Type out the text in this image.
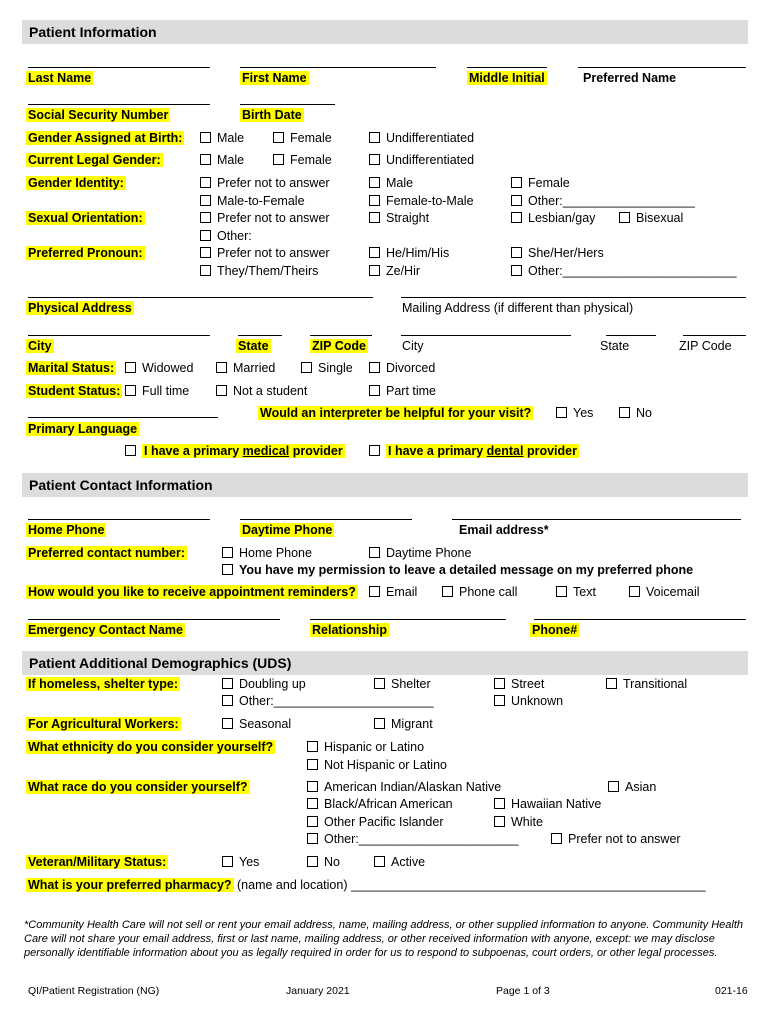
Patient Information
Last Name	First Name	Middle Initial	Preferred Name
Social Security Number	Birth Date
Gender Assigned at Birth:	Male	Female	Undifferentiated
Current Legal Gender:	Male	Female	Undifferentiated
Gender Identity:	Prefer not to answer	Male	Female
Male-to-Female	Female-to-Male	Other:___________________
Sexual Orientation:	Prefer not to answer	Straight	Lesbian/gay	Bisexual
Other:
Preferred Pronoun:	Prefer not to answer	He/Him/His	She/Her/Hers
They/Them/Theirs	Ze/Hir	Other:_________________________
Physical Address	Mailing Address (if different than physical)
City	State	ZIP Code	City	State	ZIP Code
Marital Status:	Widowed	Married	Single	Divorced
Student Status:	Full time	Not a student	Part time
Would an interpreter be helpful for your visit?	Yes	No
Primary Language
I have a primary medical provider	I have a primary dental provider
Patient Contact Information
Home Phone	Daytime Phone	Email address*
Preferred contact number:	Home Phone	Daytime Phone
You have my permission to leave a detailed message on my preferred phone
How would you like to receive appointment reminders?	Email	Phone call	Text	Voicemail
Emergency Contact Name	Relationship	Phone#
Patient Additional Demographics (UDS)
If homeless, shelter type:	Doubling up	Shelter	Street	Transitional
Other:_______________________	Unknown
For Agricultural Workers:	Seasonal	Migrant
What ethnicity do you consider yourself?	Hispanic or Latino
Not Hispanic or Latino
What race do you consider yourself?	American Indian/Alaskan Native	Asian
Black/African American	Hawaiian Native
Other Pacific Islander	White
Other:_______________________	Prefer not to answer
Veteran/Military Status:	Yes	No	Active
What is your preferred pharmacy? (name and location) ___________________________________________________
*Community Health Care will not sell or rent your email address, name, mailing address, or other supplied information to anyone. Community Health Care will not share your email address, first or last name, mailing address, or other received information with anyone, except: we may disclose personally identifiable information about you as legally required in order for us to respond to subpoenas, court orders, or other legal processes.
QI/Patient Registration (NG)	January 2021	Page 1 of 3	021-16
